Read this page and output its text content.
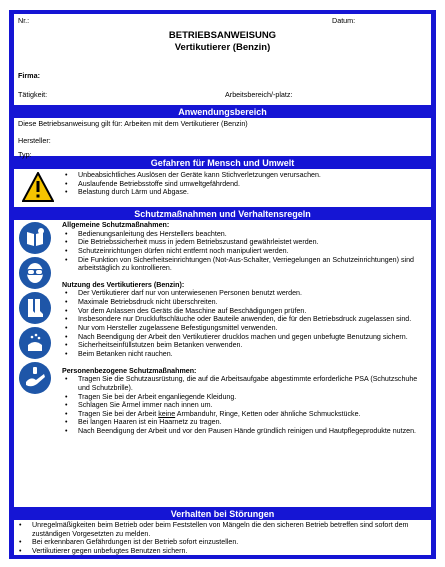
Nr.:	Datum:
BETRIEBSANWEISUNG
Vertikutierer (Benzin)
Firma:
Tätigkeit:	Arbeitsbereich/-platz:
Anwendungsbereich
Diese Betriebsanweisung gilt für: Arbeiten mit dem Vertikutierer (Benzin)
Hersteller:
Typ:
Gefahren für Mensch und Umwelt
• Unbeabsichtliches Auslösen der Geräte kann Stichverletzungen verursachen.
• Auslaufende Betriebsstoffe sind umweltgefährdend.
• Belastung durch Lärm und Abgase.
Schutzmaßnahmen und Verhaltensregeln
Allgemeine Schutzmaßnahmen:
• Bedienungsanleitung des Herstellers beachten.
• Die Betriebssicherheit muss in jedem Betriebszustand gewährleistet werden.
• Schutzeinrichtungen dürfen nicht entfernt noch manipuliert werden.
• Die Funktion von Sicherheitseinrichtungen (Not-Aus-Schalter, Verriegelungen an Schutzeinrichtungen) sind arbeitstäglich zu kontrollieren.
Nutzung des Vertikutierers (Benzin):
• Der Vertikutierer darf nur von unterwiesenen Personen benutzt werden.
• Maximale Betriebsdruck nicht überschreiten.
• Vor dem Anlassen des Geräts die Maschine auf Beschädigungen prüfen.
• Insbesondere nur Druckluftschläuche oder Bauteile anwenden, die für den Betriebsdruck zugelassen sind.
• Nur vom Hersteller zugelassene Befestigungsmittel verwenden.
• Nach Beendigung der Arbeit den Vertikutierer drucklos machen und gegen unbefugte Benutzung sichern.
• Sicherheitseinfüllstutzen beim Betanken verwenden.
• Beim Betanken nicht rauchen.
Personenbezogene Schutzmaßnahmen:
• Tragen Sie die Schutzausrüstung, die auf die Arbeitsaufgabe abgestimmte erforderliche PSA (Schutzschuhe und Schutzbrille).
• Tragen Sie bei der Arbeit enganliegende Kleidung.
• Schlagen Sie Ärmel immer nach innen um.
• Tragen Sie bei der Arbeit keine Armbanduhr, Ringe, Ketten oder ähnliche Schmuckstücke.
• Bei langen Haaren ist ein Haarnetz zu tragen.
• Nach Beendigung der Arbeit und vor den Pausen Hände gründlich reinigen und Hautpflegeprodukte nutzen.
Verhalten bei Störungen
• Unregelmäßigkeiten beim Betrieb oder beim Feststellen von Mängeln die den sicheren Betrieb betreffen sind sofort dem zuständigen Vorgesetzten zu melden.
• Bei erkennbaren Gefährdungen ist der Betrieb sofort einzustellen.
• Vertikutierer gegen unbefugtes Benutzen sichern.
